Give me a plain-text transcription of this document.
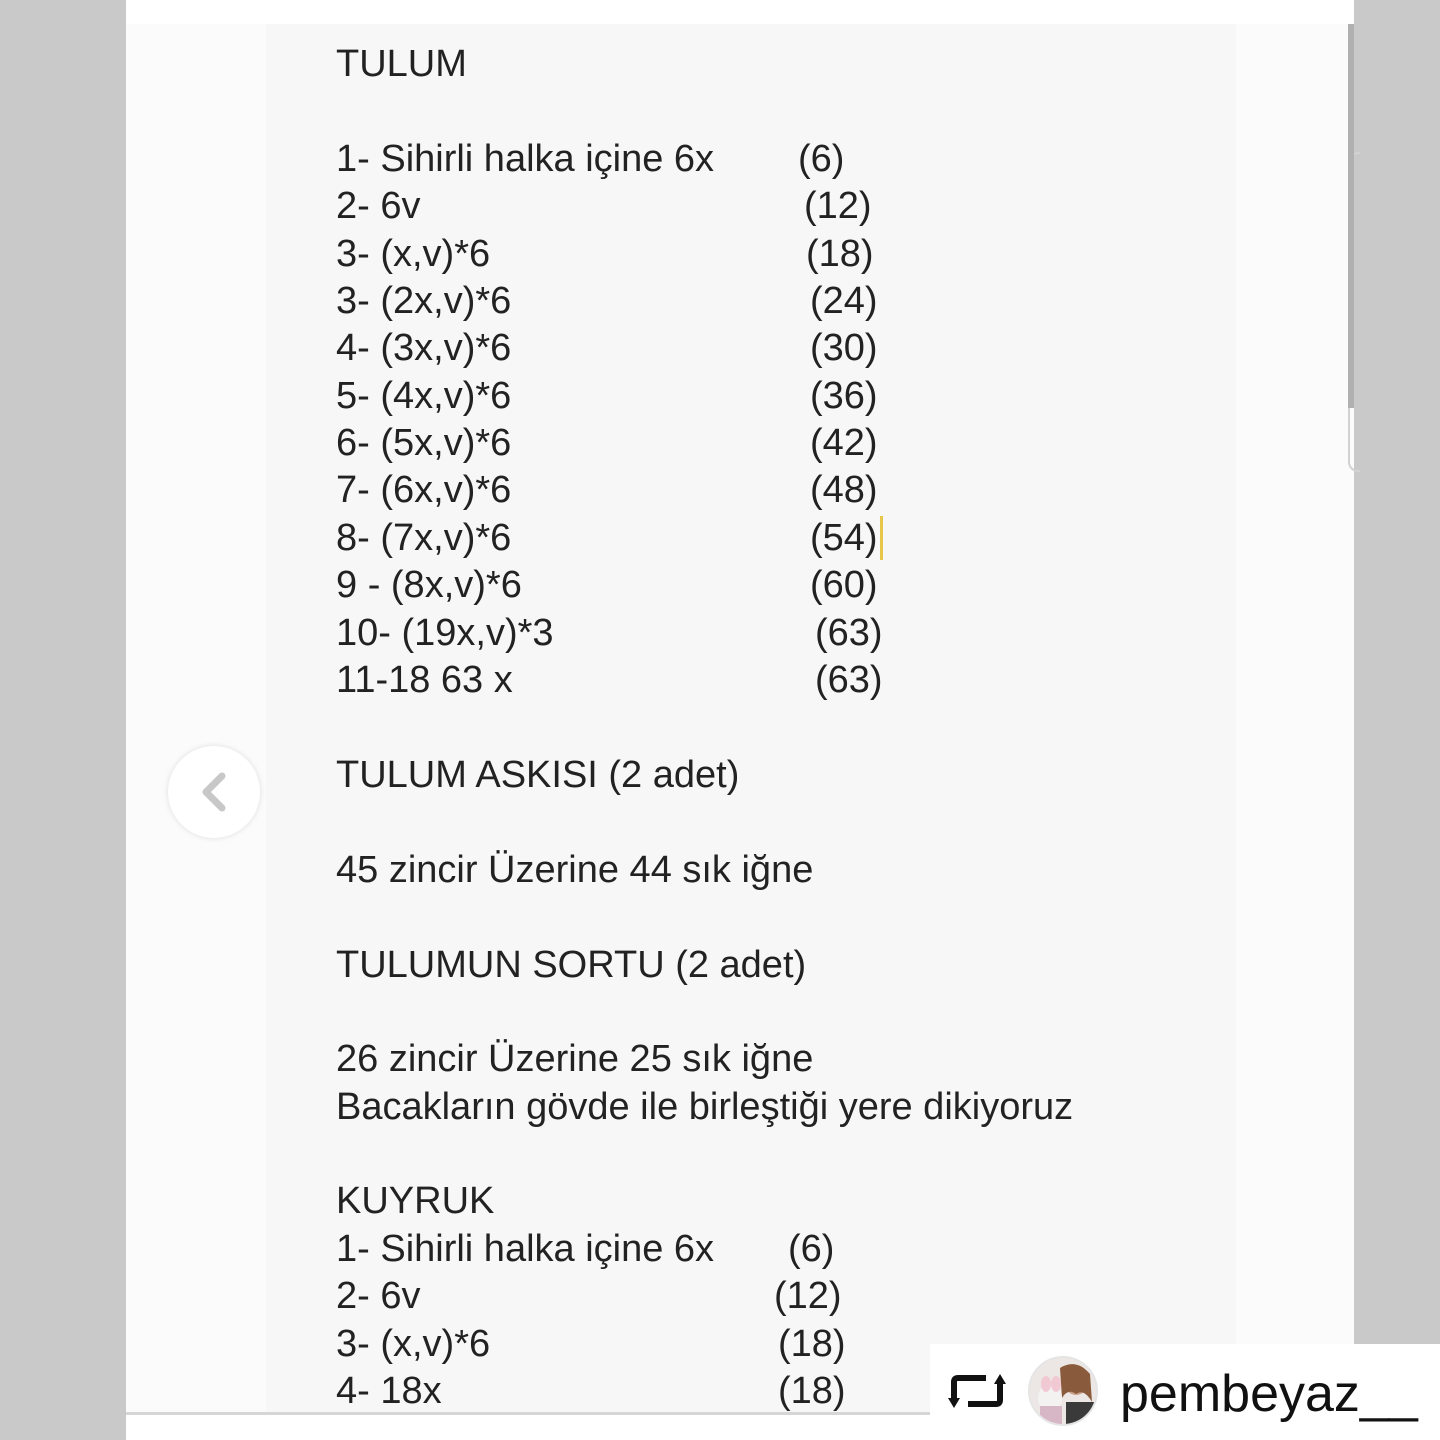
TULUM
1- Sihirli halka içine 6x (6)
2- 6v	(12)
3- (x,v)*6	(18)
3- (2x,v)*6	(24)
4- (3x,v)*6	(30)
5- (4x,v)*6	(36)
6- (5x,v)*6	(42)
7- (6x,v)*6	(48)
8- (7x,v)*6	(54)
9 - (8x,v)*6	(60)
10- (19x,v)*3	(63)
11-18 63 x	(63)
TULUM ASKISI (2 adet)
45 zincir Üzerine 44 sık iğne
TULUMUN SORTU (2 adet)
26 zincir Üzerine 25 sık iğne
Bacakların gövde ile birleştiği yere dikiyoruz
KUYRUK
1- Sihirli halka içine 6x (6)
2- 6v	(12)
3- (x,v)*6	(18)
4- 18x	(18)	pembeyaz__
